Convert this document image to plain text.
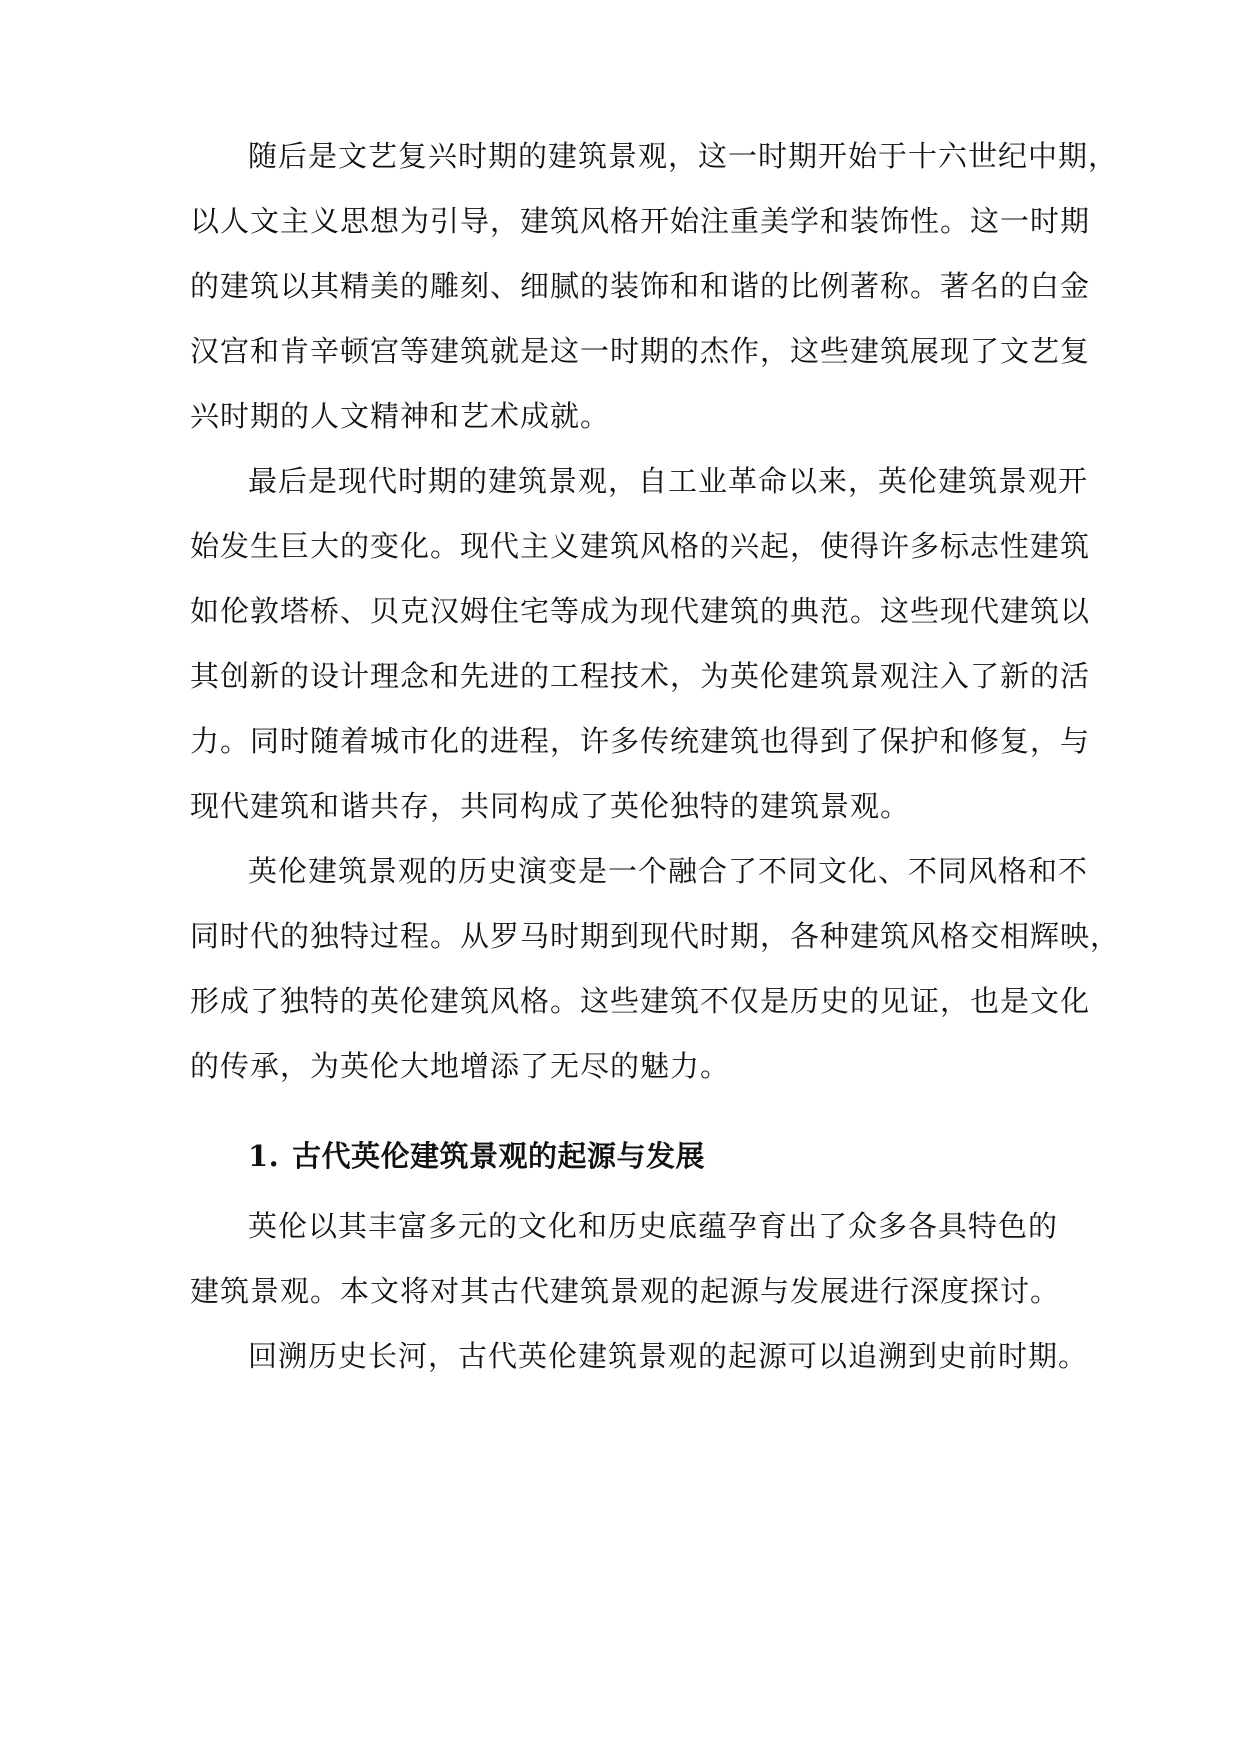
随后是文艺复兴时期的建筑景观，这一时期开始于十六世纪中期，
以人文主义思想为引导，建筑风格开始注重美学和装饰性。这一时期
的建筑以其精美的雕刻、细腻的装饰和和谐的比例著称。著名的白金
汉宫和肯辛顿宫等建筑就是这一时期的杰作，这些建筑展现了文艺复
兴时期的人文精神和艺术成就。
最后是现代时期的建筑景观，自工业革命以来，英伦建筑景观开
始发生巨大的变化。现代主义建筑风格的兴起，使得许多标志性建筑
如伦敦塔桥、贝克汉姆住宅等成为现代建筑的典范。这些现代建筑以
其创新的设计理念和先进的工程技术，为英伦建筑景观注入了新的活
力。同时随着城市化的进程，许多传统建筑也得到了保护和修复，与
现代建筑和谐共存，共同构成了英伦独特的建筑景观。
英伦建筑景观的历史演变是一个融合了不同文化、不同风格和不
同时代的独特过程。从罗马时期到现代时期，各种建筑风格交相辉映，
形成了独特的英伦建筑风格。这些建筑不仅是历史的见证，也是文化
的传承，为英伦大地增添了无尽的魅力。
1. 古代英伦建筑景观的起源与发展
英伦以其丰富多元的文化和历史底蕴孕育出了众多各具特色的
建筑景观。本文将对其古代建筑景观的起源与发展进行深度探讨。
回溯历史长河，古代英伦建筑景观的起源可以追溯到史前时期。
